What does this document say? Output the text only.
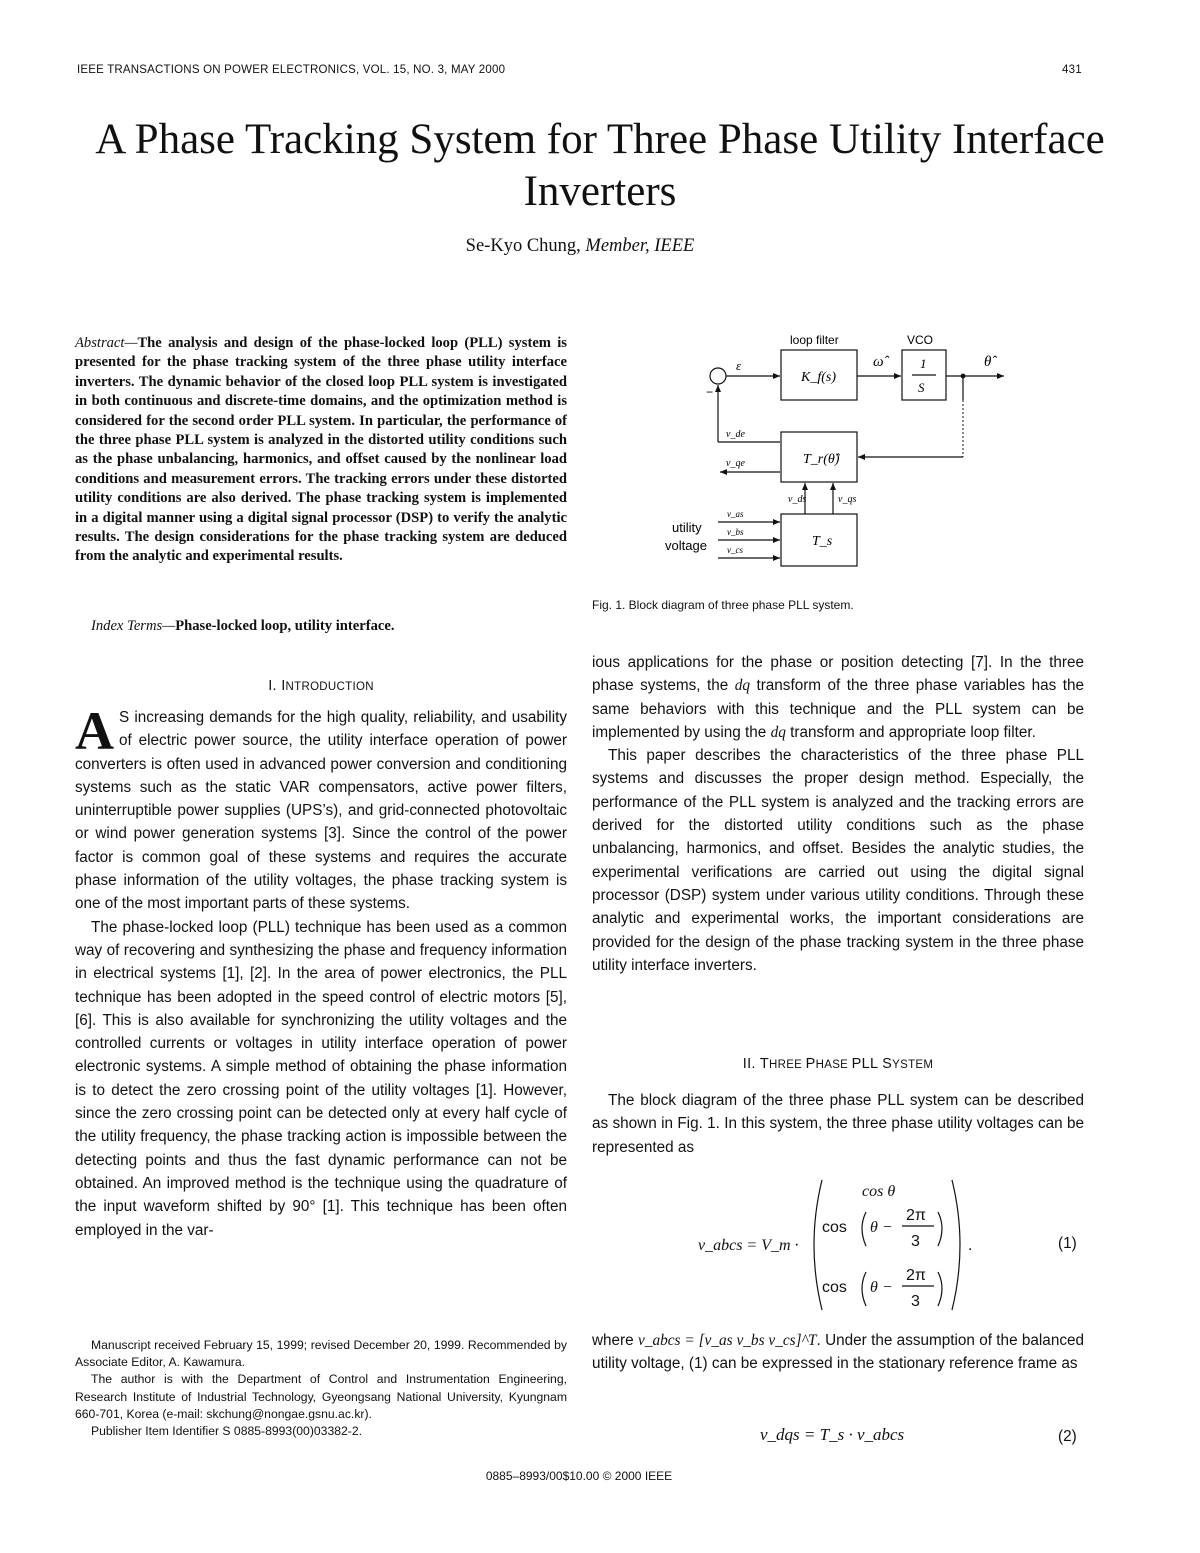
IEEE TRANSACTIONS ON POWER ELECTRONICS, VOL. 15, NO. 3, MAY 2000	431
A Phase Tracking System for Three Phase Utility Interface Inverters
Se-Kyo Chung, Member, IEEE

Abstract—The analysis and design of the phase-locked loop (PLL) system is presented for the phase tracking system of the three phase utility interface inverters. The dynamic behavior of the closed loop PLL system is investigated in both continuous and discrete-time domains, and the optimization method is considered for the second order PLL system. In particular, the performance of the three phase PLL system is analyzed in the distorted utility conditions such as the phase unbalancing, harmonics, and offset caused by the nonlinear load conditions and measurement errors. The tracking errors under these distorted utility conditions are also derived. The phase tracking system is implemented in a digital manner using a digital signal processor (DSP) to verify the analytic results. The design considerations for the phase tracking system are deduced from the analytic and experimental results.

Index Terms—Phase-locked loop, utility interface.

loop filter	VCO
K_f(s)
1
S
ω̂	θ̂
ε
−
T_r(θ̂)
T_s
v_de
v_qe
v_ds	v_qs
v_as
v_bs
v_cs
utility
voltage
Fig. 1. Block diagram of three phase PLL system.
I. INTRODUCTION

A S increasing demands for the high quality, reliability, and usability of electric power source, the utility interface operation of power converters is often used in advanced power conversion and conditioning systems such as the static VAR compensators, active power filters, uninterruptible power supplies (UPS’s), and grid-connected photovoltaic or wind power generation systems [3]. Since the control of the power factor is common goal of these systems and requires the accurate phase information of the utility voltages, the phase tracking system is one of the most important parts of these systems.

The phase-locked loop (PLL) technique has been used as a common way of recovering and synthesizing the phase and frequency information in electrical systems [1], [2]. In the area of power electronics, the PLL technique has been adopted in the speed control of electric motors [5], [6]. This is also available for synchronizing the utility voltages and the controlled currents or voltages in utility interface operation of power electronic systems. A simple method of obtaining the phase information is to detect the zero crossing point of the utility voltages [1]. However, since the zero crossing point can be detected only at every half cycle of the utility frequency, the phase tracking action is impossible between the detecting points and thus the fast dynamic performance can not be obtained. An improved method is the technique using the quadrature of the input waveform shifted by 90° [1]. This technique has been often employed in the var-

Manuscript received February 15, 1999; revised December 20, 1999. Recommended by Associate Editor, A. Kawamura.

The author is with the Department of Control and Instrumentation Engineering, Research Institute of Industrial Technology, Gyeongsang National University, Kyungnam 660-701, Korea (e-mail: skchung@nongae.gsnu.ac.kr).

Publisher Item Identifier S 0885-8993(00)03382-2.

ious applications for the phase or position detecting [7]. In the three phase systems, the dq transform of the three phase variables has the same behaviors with this technique and the PLL system can be implemented by using the dq transform and appropriate loop filter.

This paper describes the characteristics of the three phase PLL systems and discusses the proper design method. Especially, the performance of the PLL system is analyzed and the tracking errors are derived for the distorted utility conditions such as the phase unbalancing, harmonics, and offset. Besides the analytic studies, the experimental verifications are carried out using the digital signal processor (DSP) system under various utility conditions. Through these analytic and experimental works, the important considerations are provided for the design of the phase tracking system in the three phase utility interface inverters.

II. THREE PHASE PLL SYSTEM

The block diagram of the three phase PLL system can be described as shown in Fig. 1. In this system, the three phase utility voltages can be represented as

v_abcs = V_m ·
cos θ
cos θ −
2π
3
cos θ −
2π
3
.	(1)

where v_abcs = [v_as v_bs v_cs]^T. Under the assumption of the balanced utility voltage, (1) can be expressed in the stationary reference frame as

v_dqs = T_s · v_abcs	(2)
0885–8993/00$10.00 © 2000 IEEE
